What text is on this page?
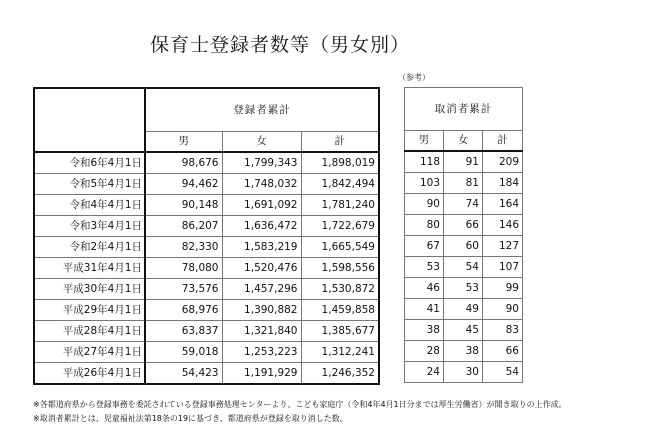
保育士登録者数等（男女別）
（参考）
	登録者累計		
	男	女	計
令和6年4月1日	98,676	1,799,343	1,898,019
令和5年4月1日	94,462	1,748,032	1,842,494
令和4年4月1日	90,148	1,691,092	1,781,240
令和3年4月1日	86,207	1,636,472	1,722,679
令和2年4月1日	82,330	1,583,219	1,665,549
平成31年4月1日	78,080	1,520,476	1,598,556
平成30年4月1日	73,576	1,457,296	1,530,872
平成29年4月1日	68,976	1,390,882	1,459,858
平成28年4月1日	63,837	1,321,840	1,385,677
平成27年4月1日	59,018	1,253,223	1,312,241
平成26年4月1日	54,423	1,191,929	1,246,352
取消者累計		
男	女	計
118	91	209
103	81	184
90	74	164
80	66	146
67	60	127
53	54	107
46	53	99
41	49	90
38	45	83
28	38	66
24	30	54
※各都道府県から登録事務を委託されている登録事務処理センターより、こども家庭庁（令和4年4月1日分までは厚生労働省）が聞き取りの上作成。
※取消者累計とは、児童福祉法第18条の19に基づき、都道府県が登録を取り消した数。
